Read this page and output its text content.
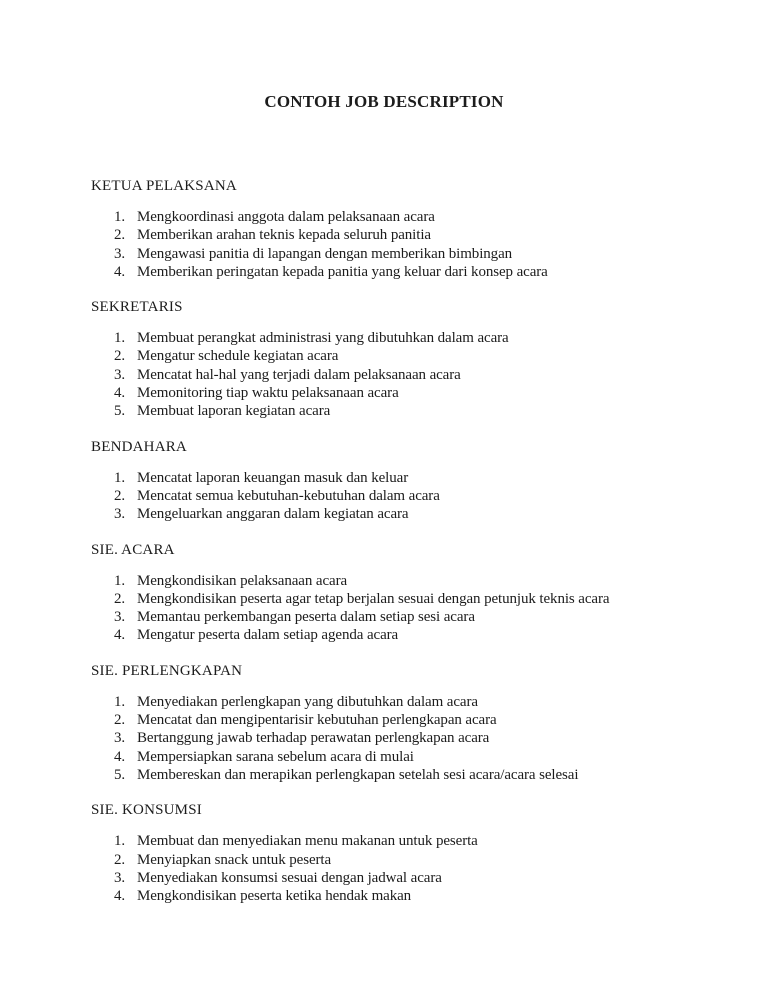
CONTOH JOB DESCRIPTION
KETUA PELAKSANA
Mengkoordinasi anggota dalam pelaksanaan acara
Memberikan arahan teknis kepada seluruh panitia
Mengawasi panitia di lapangan dengan memberikan bimbingan
Memberikan peringatan kepada panitia yang keluar dari konsep acara
SEKRETARIS
Membuat perangkat administrasi yang dibutuhkan dalam acara
Mengatur schedule kegiatan acara
Mencatat hal-hal yang terjadi dalam pelaksanaan acara
Memonitoring tiap waktu pelaksanaan acara
Membuat laporan kegiatan acara
BENDAHARA
Mencatat laporan keuangan masuk dan keluar
Mencatat semua kebutuhan-kebutuhan dalam acara
Mengeluarkan anggaran dalam kegiatan acara
SIE. ACARA
Mengkondisikan pelaksanaan acara
Mengkondisikan peserta agar tetap berjalan sesuai dengan petunjuk teknis acara
Memantau perkembangan peserta dalam setiap sesi acara
Mengatur peserta dalam setiap agenda acara
SIE. PERLENGKAPAN
Menyediakan perlengkapan yang dibutuhkan dalam acara
Mencatat dan mengipentarisir kebutuhan perlengkapan acara
Bertanggung jawab terhadap perawatan perlengkapan acara
Mempersiapkan sarana sebelum acara di mulai
Membereskan dan merapikan perlengkapan setelah sesi acara/acara selesai
SIE. KONSUMSI
Membuat dan menyediakan menu makanan untuk peserta
Menyiapkan snack untuk peserta
Menyediakan konsumsi sesuai dengan jadwal acara
Mengkondisikan peserta ketika hendak makan
